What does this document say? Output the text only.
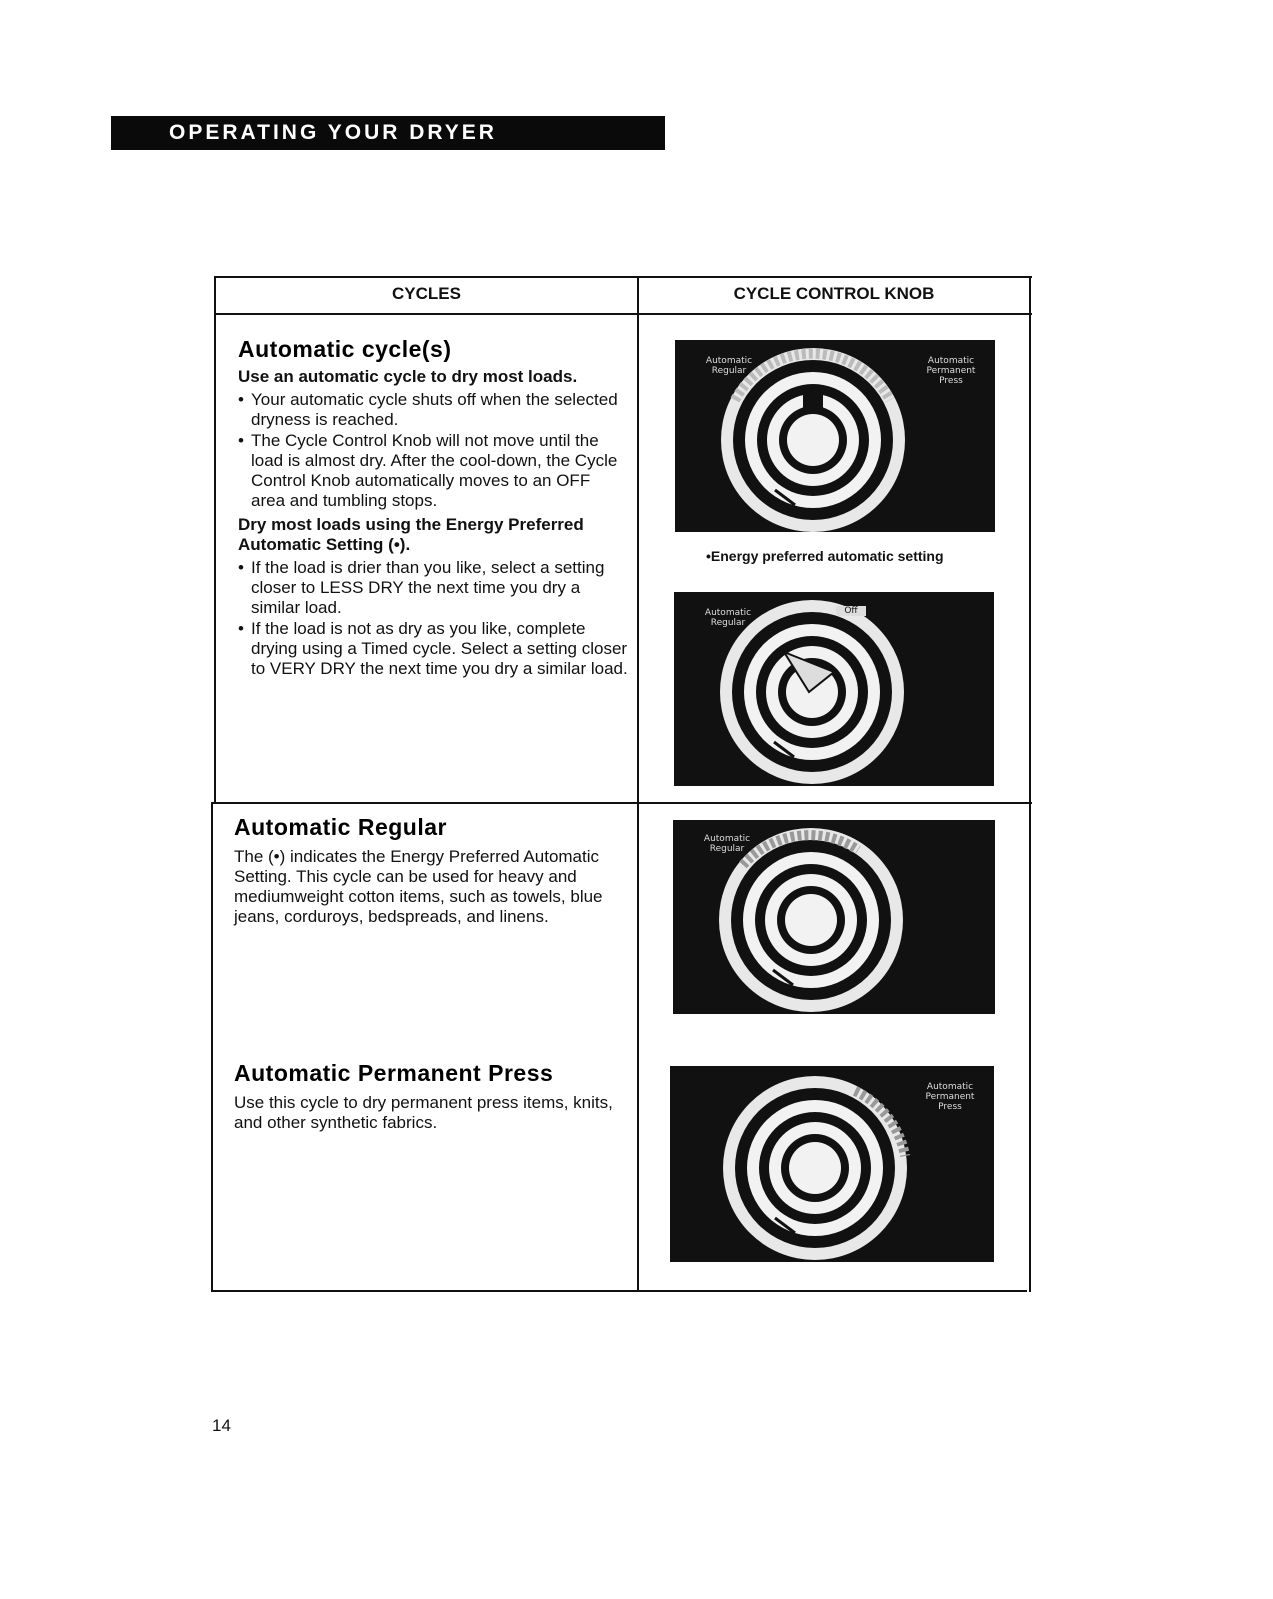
OPERATING YOUR DRYER
CYCLES	CYCLE CONTROL KNOB
Automatic cycle(s)

Use an automatic cycle to dry most loads.

• Your automatic cycle shuts off when the selected dryness is reached.
• The Cycle Control Knob will not move until the load is almost dry. After the cool-down, the Cycle Control Knob automatically moves to an OFF area and tumbling stops.

Dry most loads using the Energy Preferred Automatic Setting (•).

• If the load is drier than you like, select a setting closer to LESS DRY the next time you dry a similar load.
• If the load is not as dry as you like, complete drying using a Timed cycle. Select a setting closer to VERY DRY the next time you dry a similar load.
Automatic Regular

The (•) indicates the Energy Preferred Automatic Setting. This cycle can be used for heavy and mediumweight cotton items, such as towels, blue jeans, corduroys, bedspreads, and linens.

Automatic Permanent Press

Use this cycle to dry permanent press items, knits, and other synthetic fabrics.

Automatic Regular
Automatic Permanent Press
•Energy preferred automatic setting
Automatic Regular
Off
Automatic Regular
Automatic Permanent Press
14
